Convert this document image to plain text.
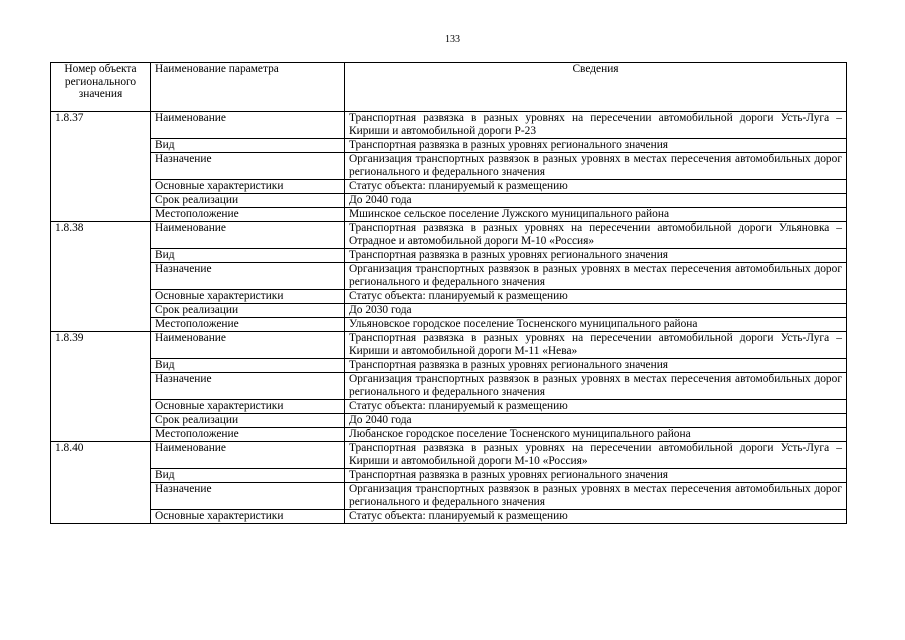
133
Номер объекта регионального значения	Наименование параметра	Сведения
1.8.37	Наименование	Транспортная развязка в разных уровнях на пересечении автомобильной дороги Усть-Луга – Кириши и автомобильной дороги Р-23
	Вид	Транспортная развязка в разных уровнях регионального значения
	Назначение	Организация транспортных развязок в разных уровнях в местах пересечения автомобильных дорог регионального и федерального значения
	Основные характеристики	Статус объекта: планируемый к размещению
	Срок реализации	До 2040 года
	Местоположение	Мшинское сельское поселение Лужского муниципального района
1.8.38	Наименование	Транспортная развязка в разных уровнях на пересечении автомобильной дороги Ульяновка – Отрадное и автомобильной дороги М-10 «Россия»
	Вид	Транспортная развязка в разных уровнях регионального значения
	Назначение	Организация транспортных развязок в разных уровнях в местах пересечения автомобильных дорог регионального и федерального значения
	Основные характеристики	Статус объекта: планируемый к размещению
	Срок реализации	До 2030 года
	Местоположение	Ульяновское городское поселение Тосненского муниципального района
1.8.39	Наименование	Транспортная развязка в разных уровнях на пересечении автомобильной дороги Усть-Луга – Кириши и автомобильной дороги М-11 «Нева»
	Вид	Транспортная развязка в разных уровнях регионального значения
	Назначение	Организация транспортных развязок в разных уровнях в местах пересечения автомобильных дорог регионального и федерального значения
	Основные характеристики	Статус объекта: планируемый к размещению
	Срок реализации	До 2040 года
	Местоположение	Любанское городское поселение Тосненского муниципального района
1.8.40	Наименование	Транспортная развязка в разных уровнях на пересечении автомобильной дороги Усть-Луга – Кириши и автомобильной дороги М-10 «Россия»
	Вид	Транспортная развязка в разных уровнях регионального значения
	Назначение	Организация транспортных развязок в разных уровнях в местах пересечения автомобильных дорог регионального и федерального значения
	Основные характеристики	Статус объекта: планируемый к размещению
